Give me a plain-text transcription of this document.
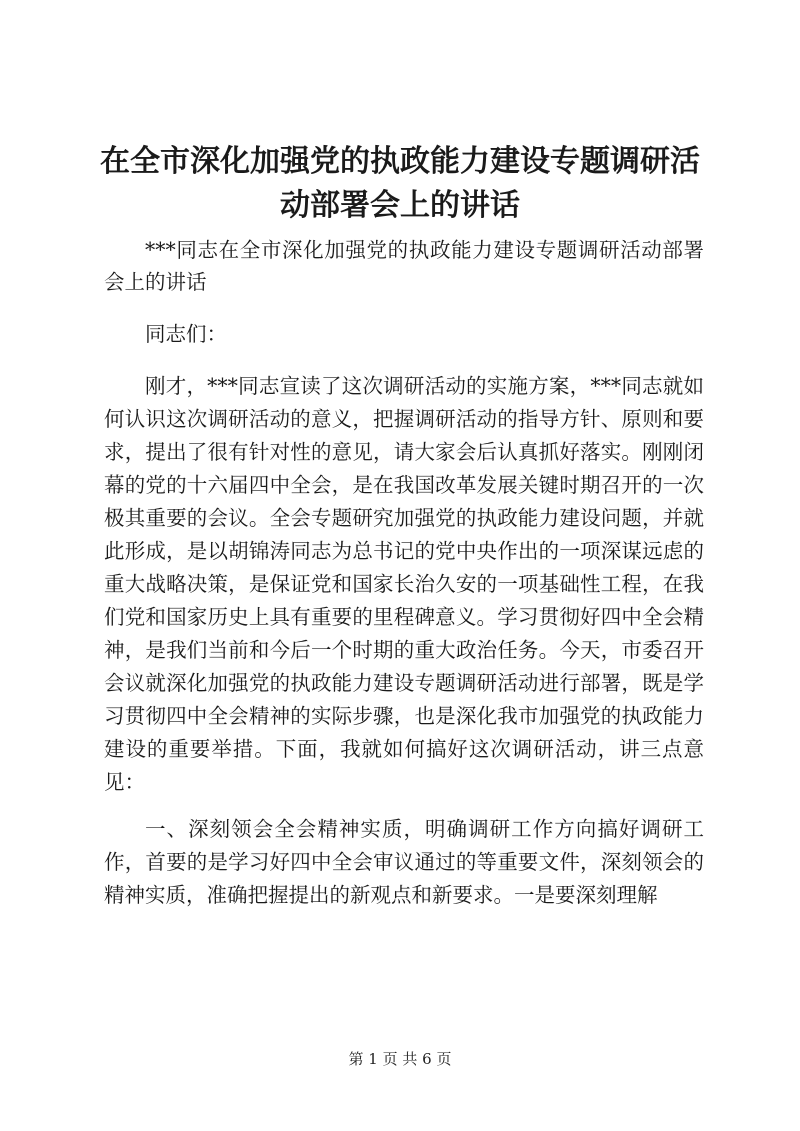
在全市深化加强党的执政能力建设专题调研活动部署会上的讲话

***同志在全市深化加强党的执政能力建设专题调研活动部署会上的讲话

同志们：

刚才，***同志宣读了这次调研活动的实施方案，***同志就如何认识这次调研活动的意义，把握调研活动的指导方针、原则和要求，提出了很有针对性的意见，请大家会后认真抓好落实。刚刚闭幕的党的十六届四中全会，是在我国改革发展关键时期召开的一次极其重要的会议。全会专题研究加强党的执政能力建设问题，并就此形成，是以胡锦涛同志为总书记的党中央作出的一项深谋远虑的重大战略决策，是保证党和国家长治久安的一项基础性工程，在我们党和国家历史上具有重要的里程碑意义。学习贯彻好四中全会精神，是我们当前和今后一个时期的重大政治任务。今天，市委召开会议就深化加强党的执政能力建设专题调研活动进行部署，既是学习贯彻四中全会精神的实际步骤，也是深化我市加强党的执政能力建设的重要举措。下面，我就如何搞好这次调研活动，讲三点意见：

一、深刻领会全会精神实质，明确调研工作方向搞好调研工作，首要的是学习好四中全会审议通过的等重要文件，深刻领会的精神实质，准确把握提出的新观点和新要求。一是要深刻理解

第 1 页 共 6 页
